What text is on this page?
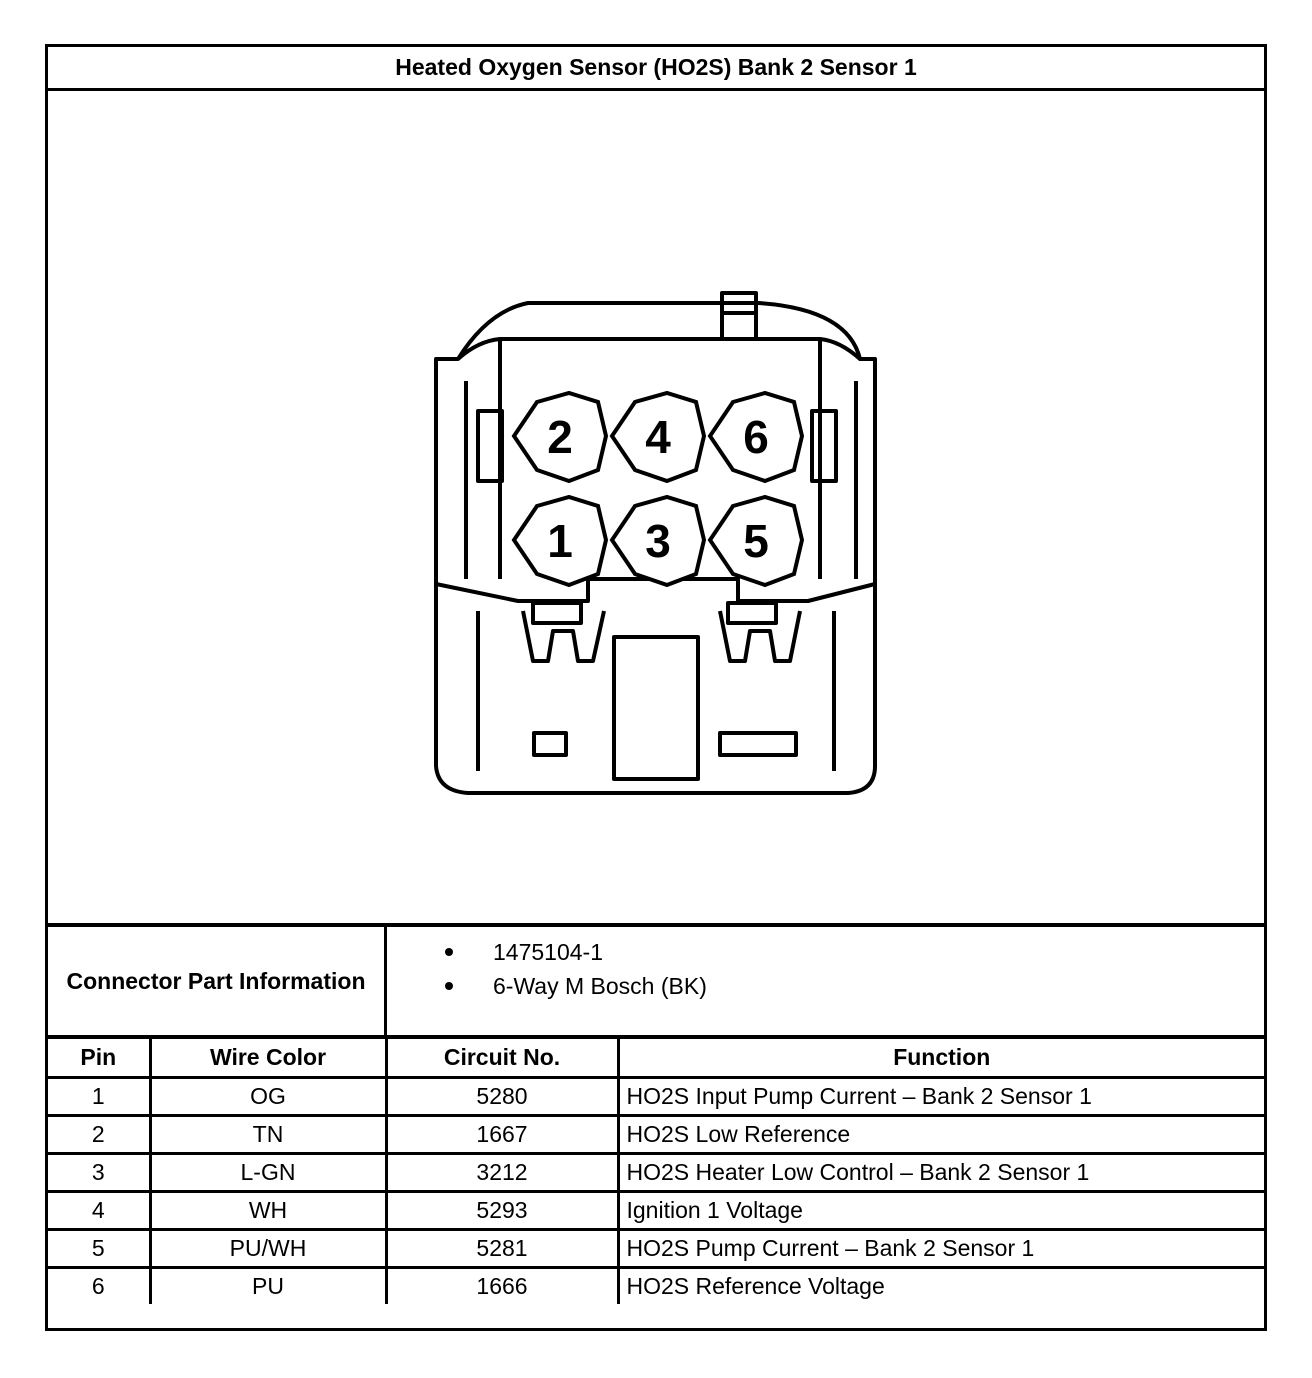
Heated Oxygen Sensor (HO2S) Bank 2 Sensor 1
2 4 6
1 3 5
Connector Part Information
1475104-1
6-Way M Bosch (BK)
Pin	Wire Color	Circuit No.	Function
1	OG	5280	HO2S Input Pump Current – Bank 2 Sensor 1
2	TN	1667	HO2S Low Reference
3	L-GN	3212	HO2S Heater Low Control – Bank 2 Sensor 1
4	WH	5293	Ignition 1 Voltage
5	PU/WH	5281	HO2S Pump Current – Bank 2 Sensor 1
6	PU	1666	HO2S Reference Voltage
